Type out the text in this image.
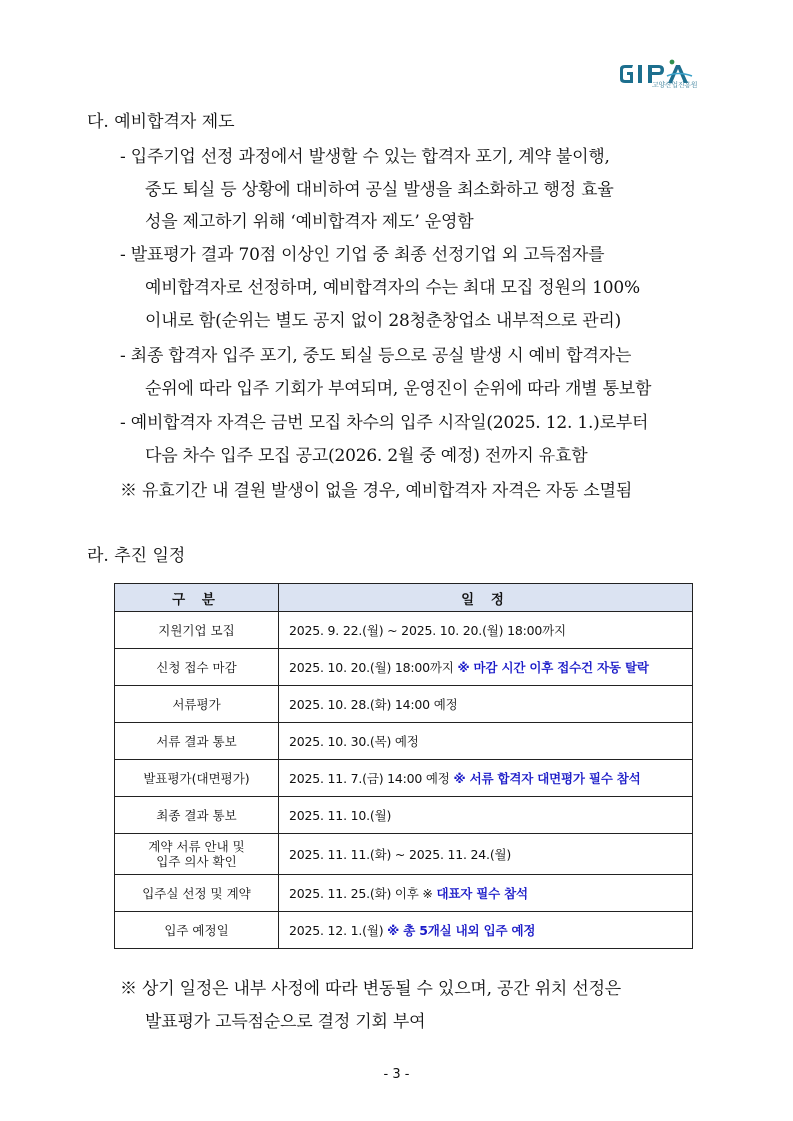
고양산업진흥원
다. 예비합격자 제도
- 입주기업 선정 과정에서 발생할 수 있는 합격자 포기, 계약 불이행,
중도 퇴실 등 상황에 대비하여 공실 발생을 최소화하고 행정 효율
성을 제고하기 위해 ‘예비합격자 제도’ 운영함
- 발표평가 결과 70점 이상인 기업 중 최종 선정기업 외 고득점자를
예비합격자로 선정하며, 예비합격자의 수는 최대 모집 정원의 100%
이내로 함(순위는 별도 공지 없이 28청춘창업소 내부적으로 관리)
- 최종 합격자 입주 포기, 중도 퇴실 등으로 공실 발생 시 예비 합격자는
순위에 따라 입주 기회가 부여되며, 운영진이 순위에 따라 개별 통보함
- 예비합격자 자격은 금번 모집 차수의 입주 시작일(2025. 12. 1.)로부터
다음 차수 입주 모집 공고(2026. 2월 중 예정) 전까지 유효함
※ 유효기간 내 결원 발생이 없을 경우, 예비합격자 자격은 자동 소멸됨
라. 추진 일정
구 분	일 정
지원기업 모집	2025. 9. 22.(월) ~ 2025. 10. 20.(월) 18:00까지
신청 접수 마감	2025. 10. 20.(월) 18:00까지 ※ 마감 시간 이후 접수건 자동 탈락
서류평가	2025. 10. 28.(화) 14:00 예정
서류 결과 통보	2025. 10. 30.(목) 예정
발표평가(대면평가)	2025. 11. 7.(금) 14:00 예정 ※ 서류 합격자 대면평가 필수 참석
최종 결과 통보	2025. 11. 10.(월)

계약 서류 안내 및
입주 의사 확인	2025. 11. 11.(화) ~ 2025. 11. 24.(월)
입주실 선정 및 계약	2025. 11. 25.(화) 이후 ※ 대표자 필수 참석
입주 예정일	2025. 12. 1.(월) ※ 총 5개실 내외 입주 예정
※ 상기 일정은 내부 사정에 따라 변동될 수 있으며, 공간 위치 선정은
발표평가 고득점순으로 결정 기회 부여
- 3 -
